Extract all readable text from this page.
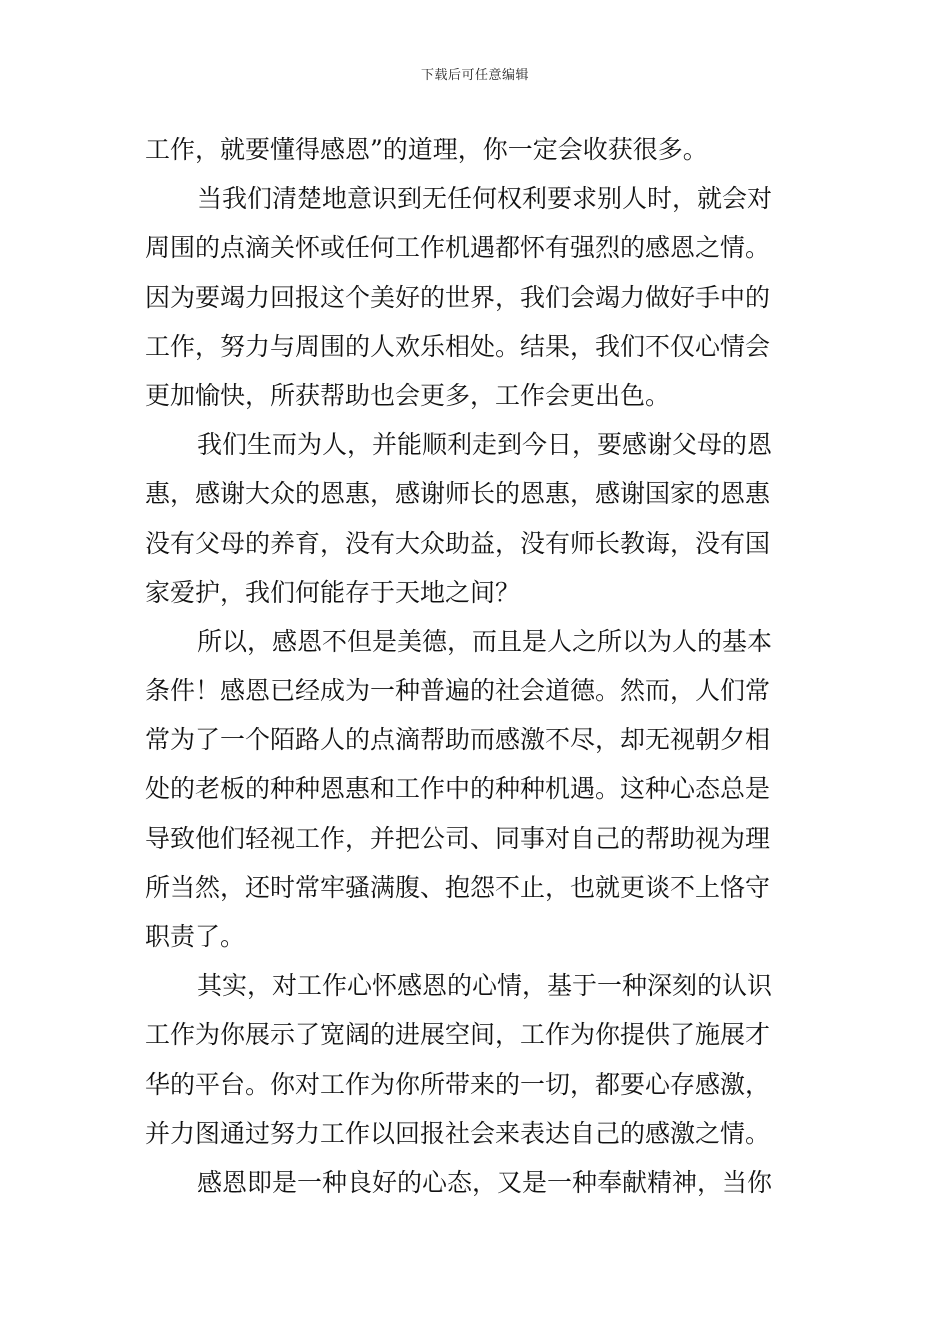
下载后可任意编辑
工作，就要懂得感恩”的道理，你一定会收获很多。
当我们清楚地意识到无任何权利要求别人时，就会对
周围的点滴关怀或任何工作机遇都怀有强烈的感恩之情。
因为要竭力回报这个美好的世界，我们会竭力做好手中的
工作，努力与周围的人欢乐相处。结果，我们不仅心情会
更加愉快，所获帮助也会更多，工作会更出色。
我们生而为人，并能顺利走到今日，要感谢父母的恩
惠，感谢大众的恩惠，感谢师长的恩惠，感谢国家的恩惠
没有父母的养育，没有大众助益，没有师长教诲，没有国
家爱护，我们何能存于天地之间？
所以，感恩不但是美德，而且是人之所以为人的基本
条件！感恩已经成为一种普遍的社会道德。然而，人们常
常为了一个陌路人的点滴帮助而感激不尽，却无视朝夕相
处的老板的种种恩惠和工作中的种种机遇。这种心态总是
导致他们轻视工作，并把公司、同事对自己的帮助视为理
所当然，还时常牢骚满腹、抱怨不止，也就更谈不上恪守
职责了。
其实，对工作心怀感恩的心情，基于一种深刻的认识
工作为你展示了宽阔的进展空间，工作为你提供了施展才
华的平台。你对工作为你所带来的一切，都要心存感激，
并力图通过努力工作以回报社会来表达自己的感激之情。
感恩即是一种良好的心态，又是一种奉献精神，当你
